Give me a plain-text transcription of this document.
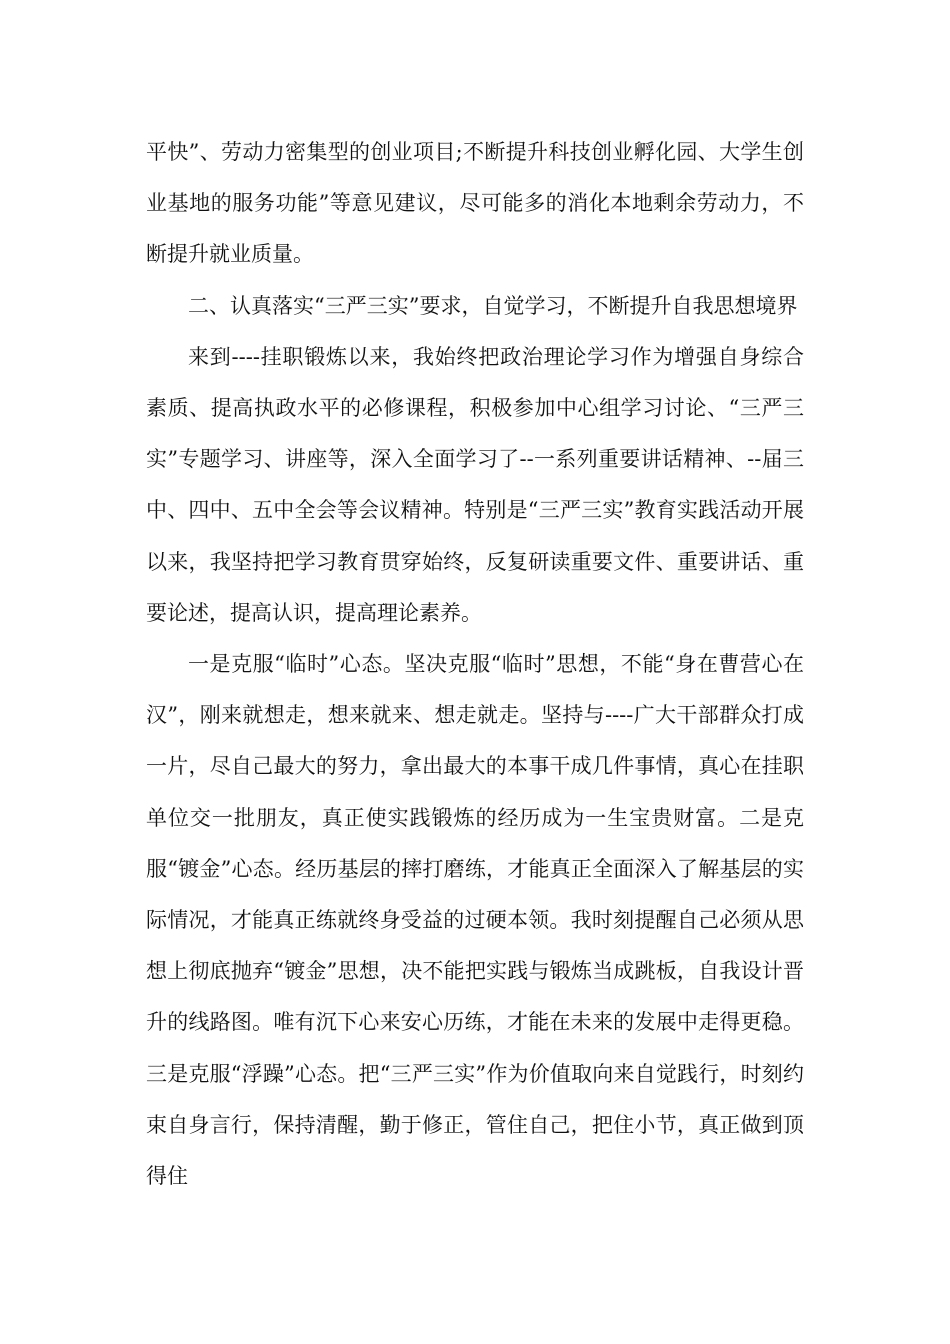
平快”、劳动力密集型的创业项目;不断提升科技创业孵化园、大学生创业基地的服务功能”等意见建议，尽可能多的消化本地剩余劳动力，不断提升就业质量。

二、认真落实“三严三实”要求，自觉学习，不断提升自我思想境界

来到----挂职锻炼以来，我始终把政治理论学习作为增强自身综合素质、提高执政水平的必修课程，积极参加中心组学习讨论、“三严三实”专题学习、讲座等，深入全面学习了--一系列重要讲话精神、--届三中、四中、五中全会等会议精神。特别是“三严三实”教育实践活动开展以来，我坚持把学习教育贯穿始终，反复研读重要文件、重要讲话、重要论述，提高认识，提高理论素养。

一是克服“临时”心态。坚决克服“临时”思想，不能“身在曹营心在汉”，刚来就想走，想来就来、想走就走。坚持与----广大干部群众打成一片，尽自己最大的努力，拿出最大的本事干成几件事情，真心在挂职单位交一批朋友，真正使实践锻炼的经历成为一生宝贵财富。二是克服“镀金”心态。经历基层的摔打磨练，才能真正全面深入了解基层的实际情况，才能真正练就终身受益的过硬本领。我时刻提醒自己必须从思想上彻底抛弃“镀金”思想，决不能把实践与锻炼当成跳板，自我设计晋升的线路图。唯有沉下心来安心历练，才能在未来的发展中走得更稳。三是克服“浮躁”心态。把“三严三实”作为价值取向来自觉践行，时刻约束自身言行，保持清醒，勤于修正，管住自己，把住小节，真正做到顶得住
